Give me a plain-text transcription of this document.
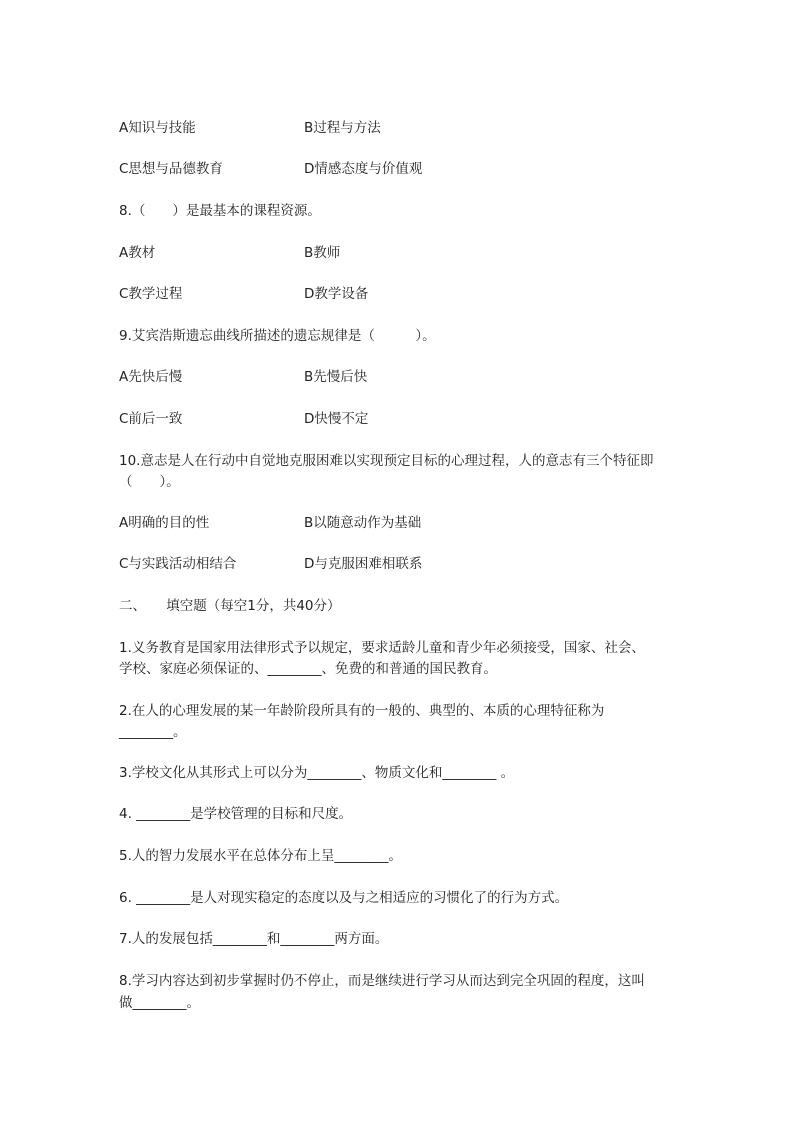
A知识与技能	B过程与方法
C思想与品德教育	D情感态度与价值观
8.（　　）是最基本的课程资源。
A教材	B教师
C教学过程	D教学设备
9.艾宾浩斯遗忘曲线所描述的遗忘规律是（　　　）。
A先快后慢	B先慢后快
C前后一致	D快慢不定
10.意志是人在行动中自觉地克服困难以实现预定目标的心理过程，人的意志有三个特征即
（　　）。
A明确的目的性	B以随意动作为基础
C与实践活动相结合	D与克服困难相联系
二、　　填空题（每空1分，共40分）
1.义务教育是国家用法律形式予以规定，要求适龄儿童和青少年必须接受，国家、社会、
学校、家庭必须保证的、________、免费的和普通的国民教育。
2.在人的心理发展的某一年龄阶段所具有的一般的、典型的、本质的心理特征称为
________。
3.学校文化从其形式上可以分为________、物质文化和________ 。
4. ________是学校管理的目标和尺度。
5.人的智力发展水平在总体分布上呈________。
6. ________是人对现实稳定的态度以及与之相适应的习惯化了的行为方式。
7.人的发展包括________和________两方面。
8.学习内容达到初步掌握时仍不停止，而是继续进行学习从而达到完全巩固的程度，这叫
做________。
